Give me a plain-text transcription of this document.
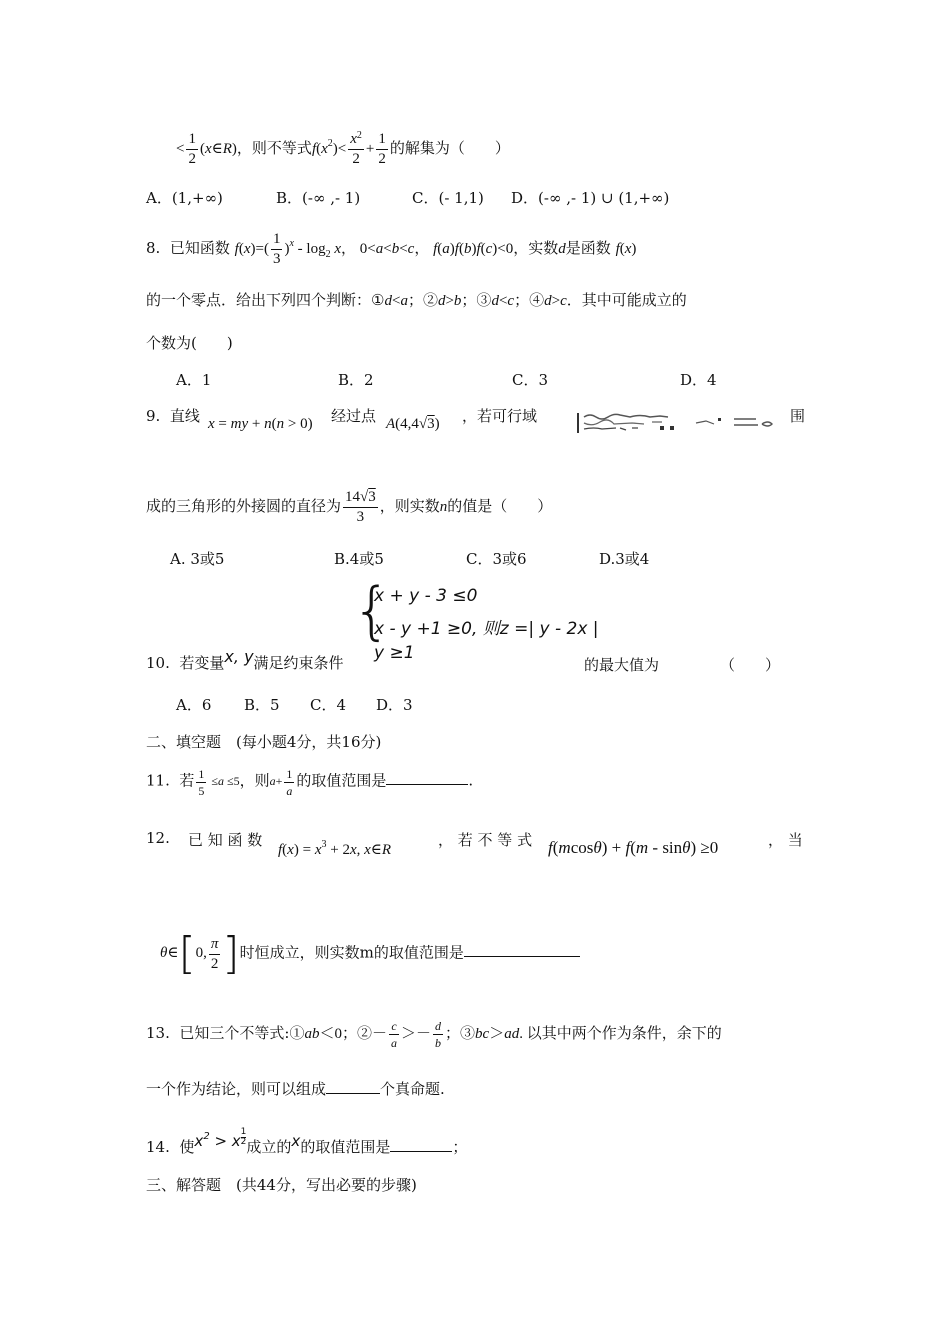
< $\frac{1}{2}$ (x∈R)，则不等式$f(x^2)< \frac{x^2}{2} + \frac{1}{2}$ 的解集为（　　）
A．(1,+∞)	B．(-∞ ,- 1)	C．(- 1,1) D．(-∞ ,- 1) ∪ (1,+∞)
8. 已知函数 $f(x)=( \frac{1}{3} )^x - \log_2 x$， 0<a<b<c， f(a)f(b)f(c)<0，实数d是函数 f(x)
的一个零点．给出下列四个判断：①d<a；②d>b；③d<c；④d>c．其中可能成立的
个数为(　　)
A．1	B．2	C．3	D．4
9. 直线 x = my + n(n > 0) 经过点 A(4,4√3) ，若可行域	围
成的三角形的外接圆的直径为 $\frac{14√3}{3}$ ，则实数n的值是（　　）
A. 3或5	B.4或5	C．3或6	D.3或4
{
x + y - 3 ≤0
x - y +1 ≥0, 则z =| y - 2x |
y ≥1
10. 若变量x, y满足约束条件	的最大值为	（　　）
A．6 B．5 C．4 D．3
二、填空题　(每小题4分，共16分)
11. 若 $\frac{1}{5} \le a \le 5$，则$a+ \frac{1}{a}$ 的取值范围是	.
12. 已 知 函 数
$f(x) = x^3 + 2x$, x∈R
， 若 不 等 式 f(mcosθ) + f(m - sinθ) ≥0	， 当
θ∈[0, $\frac{\pi}{2}$ ]时恒成立，则实数m的取值范围是
13. 已知三个不等式:①ab＜0；②－ $\frac{c}{a} >- \frac{d}{b}$ ；③bc＞ad. 以其中两个作为条件，余下的
一个作为结论，则可以组成	个真命题.
14. 使$x^2 > x \frac{1}{2}$ 成立的x的取值范围是	；
三、解答题　(共44分，写出必要的步骤)
